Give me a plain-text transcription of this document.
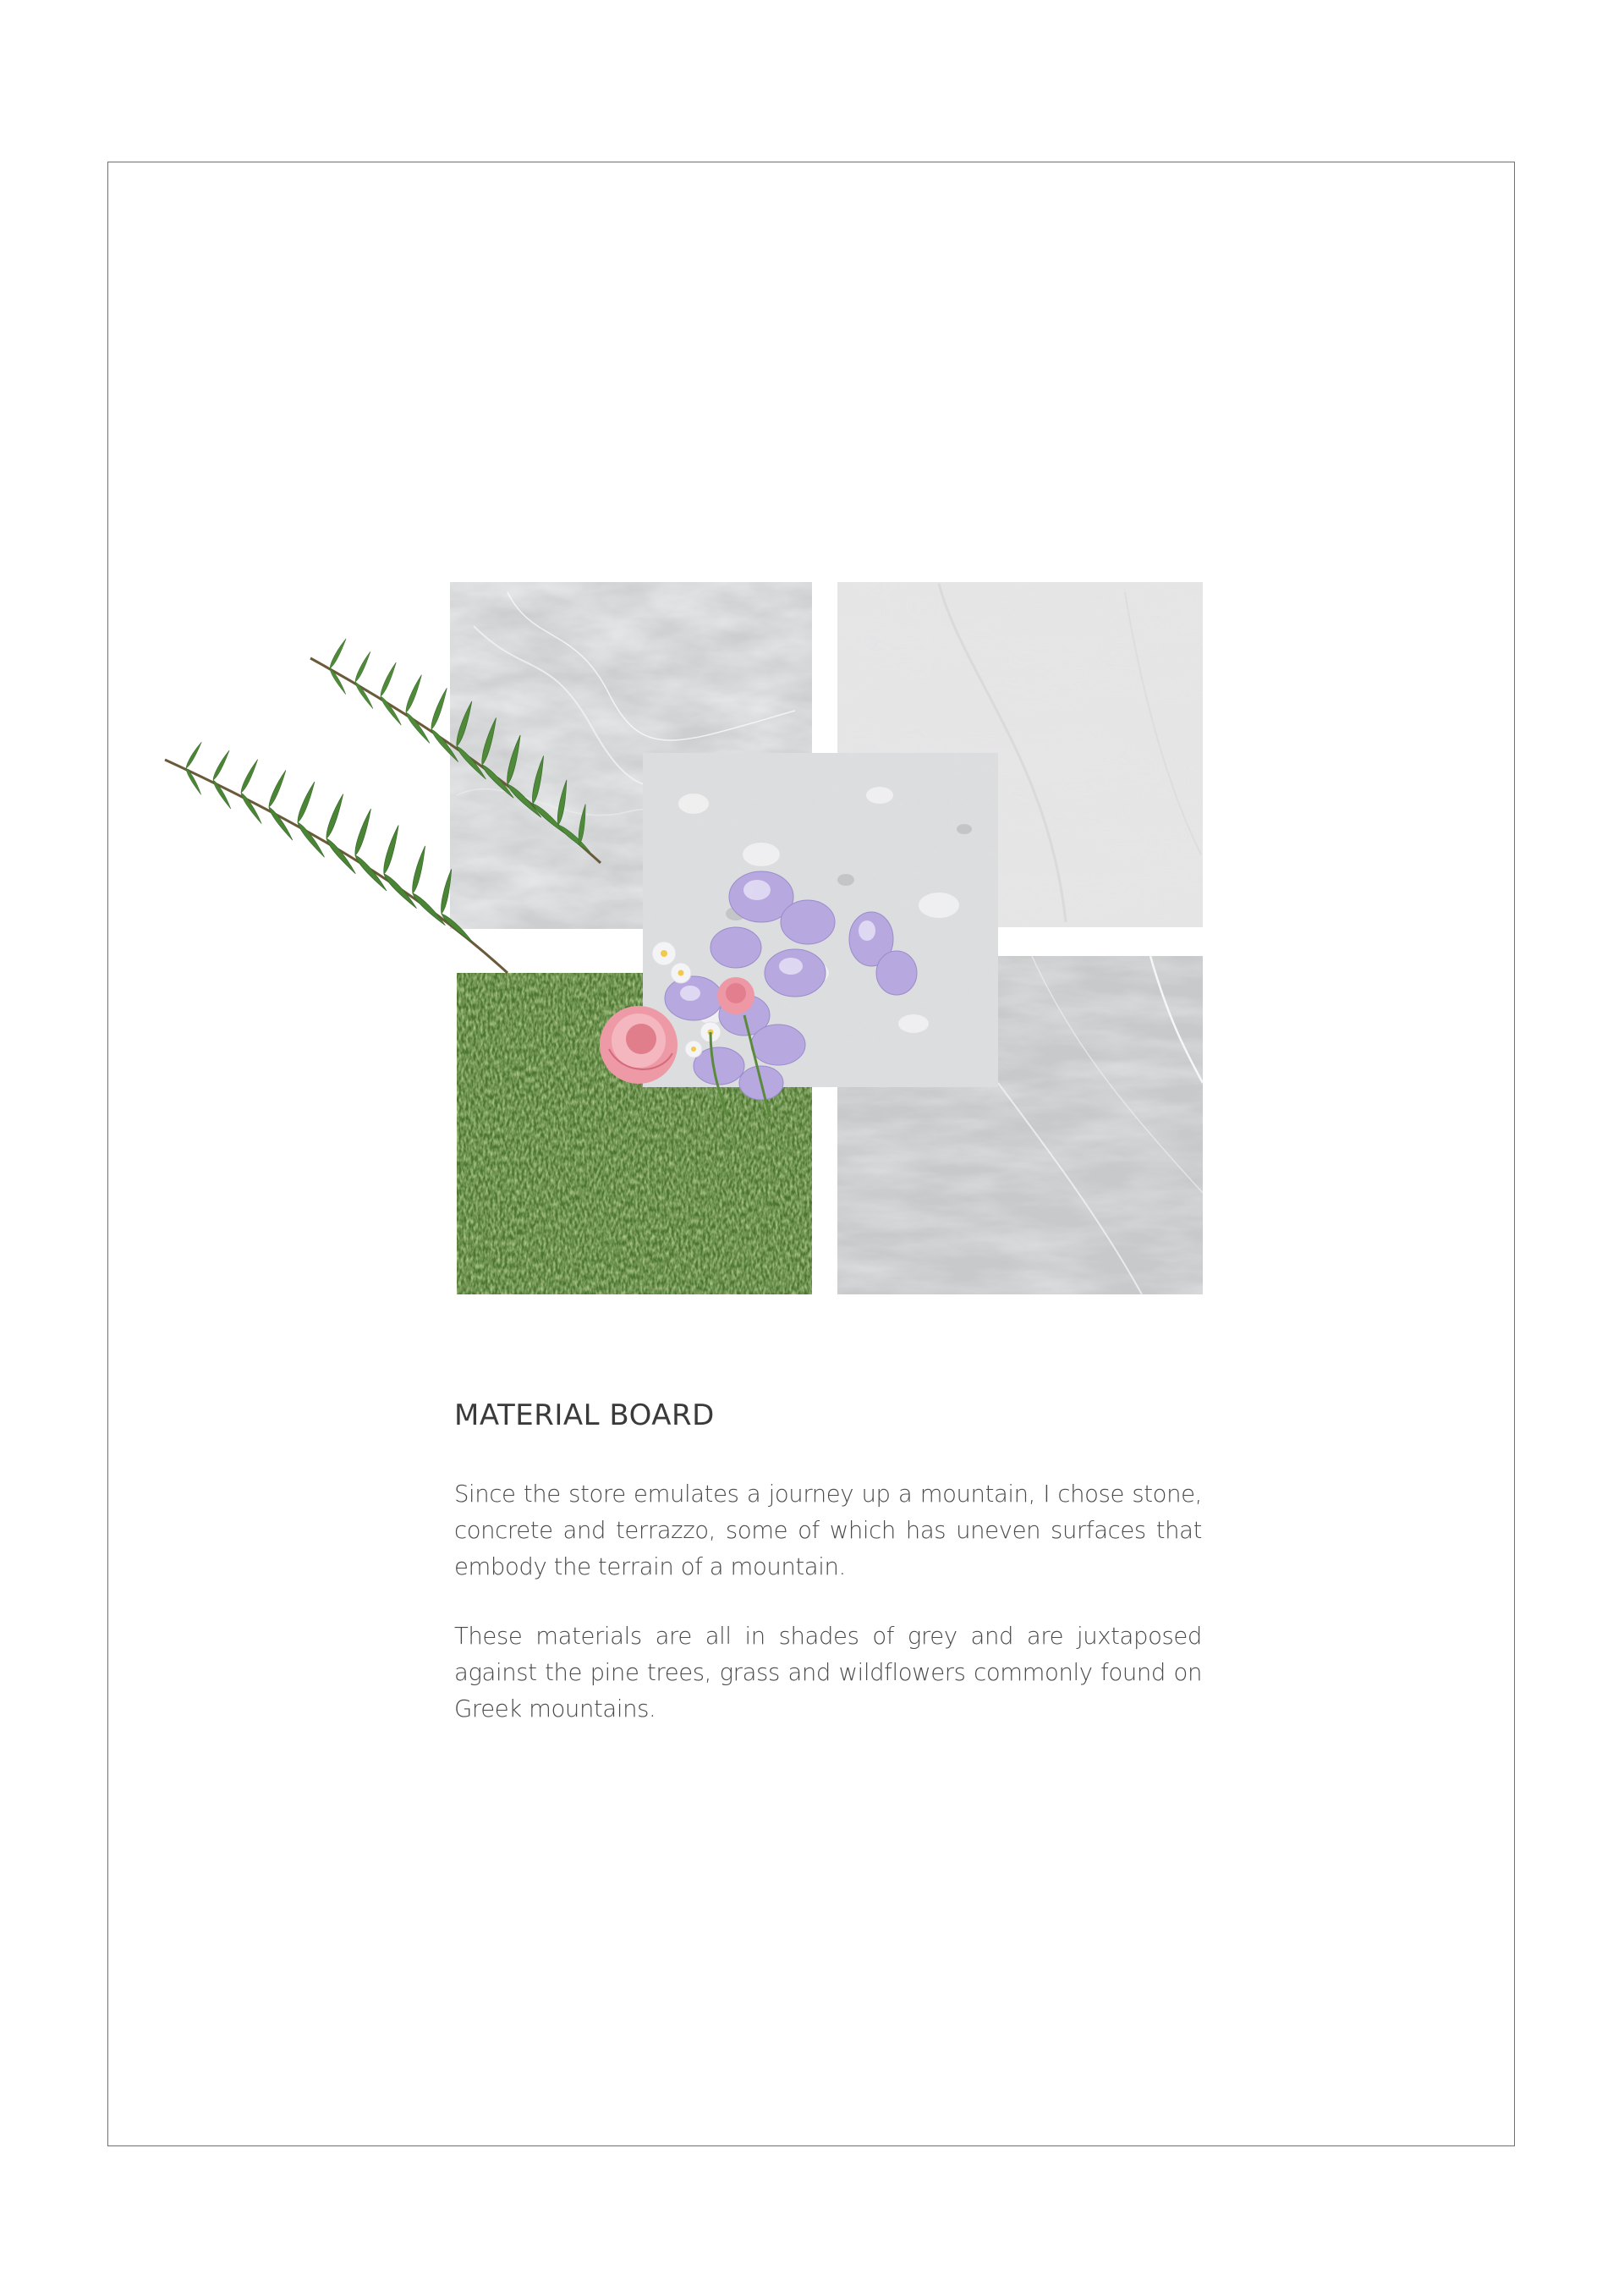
MATERIAL BOARD

Since the store emulates a journey up a mountain, I chose stone, concrete and terrazzo, some of which has uneven surfaces that embody the terrain of a mountain.

These materials are all in shades of grey and are juxtaposed against the pine trees, grass and wildflowers commonly found on Greek mountains.
